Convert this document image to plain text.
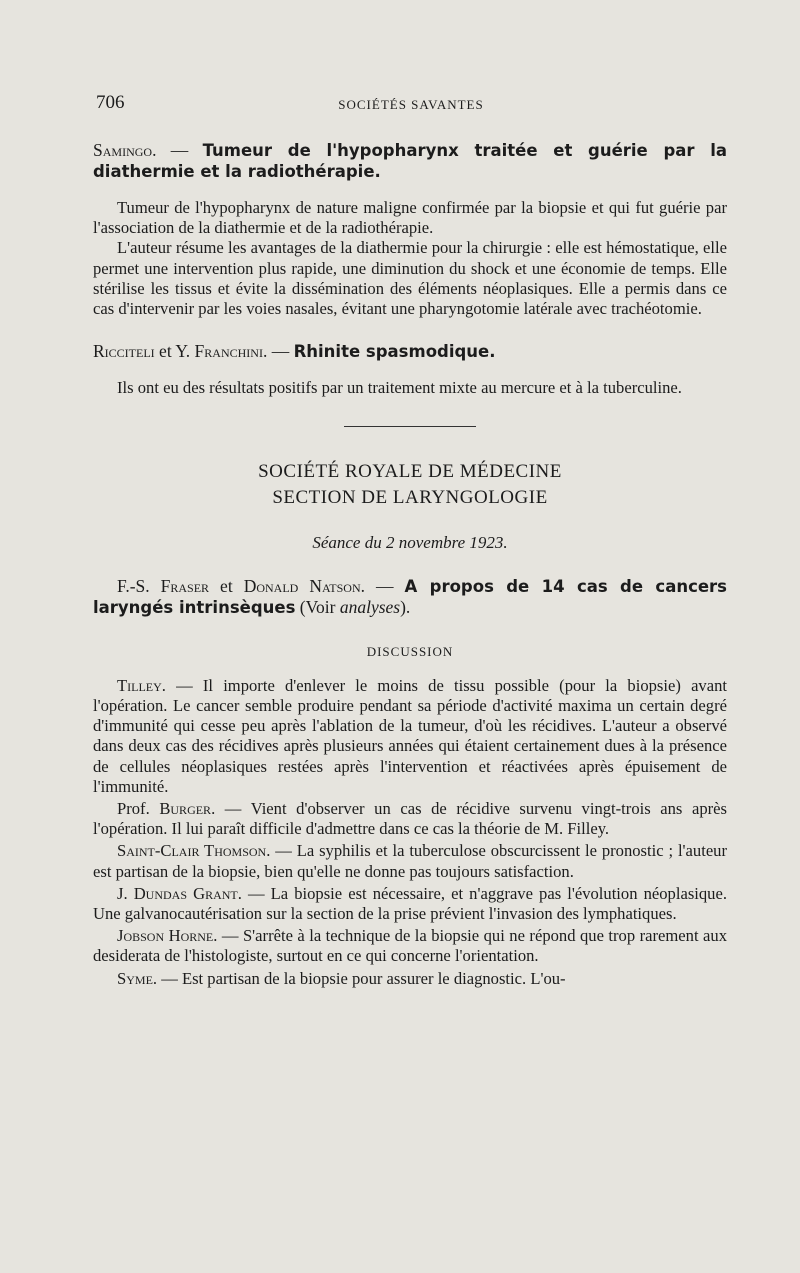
706	SOCIÉTÉS SAVANTES

Samingo. — Tumeur de l'hypopharynx traitée et guérie par la diathermie et la radiothérapie.

Tumeur de l'hypopharynx de nature maligne confirmée par la biopsie et qui fut guérie par l'association de la diathermie et de la radiothérapie.

L'auteur résume les avantages de la diathermie pour la chirurgie : elle est hémostatique, elle permet une intervention plus rapide, une diminution du shock et une économie de temps. Elle stérilise les tissus et évite la dissémination des éléments néoplasiques. Elle a permis dans ce cas d'intervenir par les voies nasales, évitant une pharyngotomie latérale avec trachéotomie.

Ricciteli et Y. Franchini. — Rhinite spasmodique.

Ils ont eu des résultats positifs par un traitement mixte au mercure et à la tuberculine.

SOCIÉTÉ ROYALE DE MÉDECINE
SECTION DE LARYNGOLOGIE
Séance du 2 novembre 1923.

F.-S. Fraser et Donald Natson. — A propos de 14 cas de cancers laryngés intrinsèques (Voir analyses).

DISCUSSION

Tilley. — Il importe d'enlever le moins de tissu possible (pour la biopsie) avant l'opération. Le cancer semble produire pendant sa période d'activité maxima un certain degré d'immunité qui cesse peu après l'ablation de la tumeur, d'où les récidives. L'auteur a observé dans deux cas des récidives après plusieurs années qui étaient certainement dues à la présence de cellules néoplasiques restées après l'intervention et réactivées après épuisement de l'immunité.

Prof. Burger. — Vient d'observer un cas de récidive survenu vingt-trois ans après l'opération. Il lui paraît difficile d'admettre dans ce cas la théorie de M. Filley.

Saint-Clair Thomson. — La syphilis et la tuberculose obscurcissent le pronostic ; l'auteur est partisan de la biopsie, bien qu'elle ne donne pas toujours satisfaction.

J. Dundas Grant. — La biopsie est nécessaire, et n'aggrave pas l'évolution néoplasique. Une galvanocautérisation sur la section de la prise prévient l'invasion des lymphatiques.

Jobson Horne. — S'arrête à la technique de la biopsie qui ne répond que trop rarement aux desiderata de l'histologiste, surtout en ce qui concerne l'orientation.

Syme. — Est partisan de la biopsie pour assurer le diagnostic. L'ou-
